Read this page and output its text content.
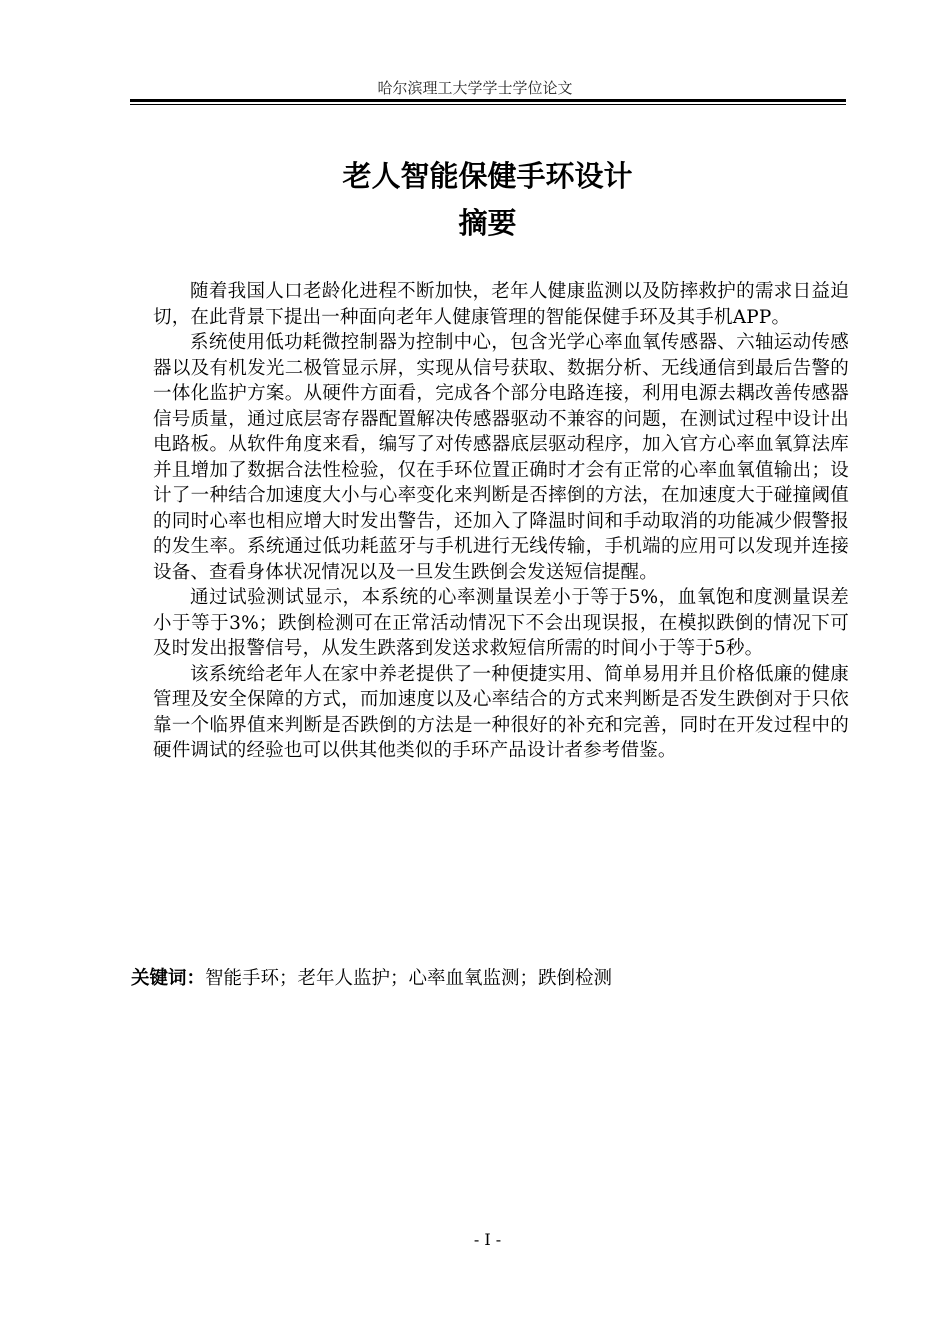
哈尔滨理工大学学士学位论文
老人智能保健手环设计
摘要

随着我国人口老龄化进程不断加快，老年人健康监测以及防摔救护的需求日益迫切，在此背景下提出一种面向老年人健康管理的智能保健手环及其手机APP。

系统使用低功耗微控制器为控制中心，包含光学心率血氧传感器、六轴运动传感器以及有机发光二极管显示屏，实现从信号获取、数据分析、无线通信到最后告警的一体化监护方案。从硬件方面看，完成各个部分电路连接，利用电源去耦改善传感器信号质量，通过底层寄存器配置解决传感器驱动不兼容的问题，在测试过程中设计出电路板。从软件角度来看，编写了对传感器底层驱动程序，加入官方心率血氧算法库并且增加了数据合法性检验，仅在手环位置正确时才会有正常的心率血氧值输出；设计了一种结合加速度大小与心率变化来判断是否摔倒的方法，在加速度大于碰撞阈值的同时心率也相应增大时发出警告，还加入了降温时间和手动取消的功能减少假警报的发生率。系统通过低功耗蓝牙与手机进行无线传输，手机端的应用可以发现并连接设备、查看身体状况情况以及一旦发生跌倒会发送短信提醒。

通过试验测试显示，本系统的心率测量误差小于等于5%，血氧饱和度测量误差小于等于3%；跌倒检测可在正常活动情况下不会出现误报，在模拟跌倒的情况下可及时发出报警信号，从发生跌落到发送求救短信所需的时间小于等于5秒。

该系统给老年人在家中养老提供了一种便捷实用、简单易用并且价格低廉的健康管理及安全保障的方式，而加速度以及心率结合的方式来判断是否发生跌倒对于只依靠一个临界值来判断是否跌倒的方法是一种很好的补充和完善，同时在开发过程中的硬件调试的经验也可以供其他类似的手环产品设计者参考借鉴。

关键词：智能手环；老年人监护；心率血氧监测；跌倒检测
- I -
